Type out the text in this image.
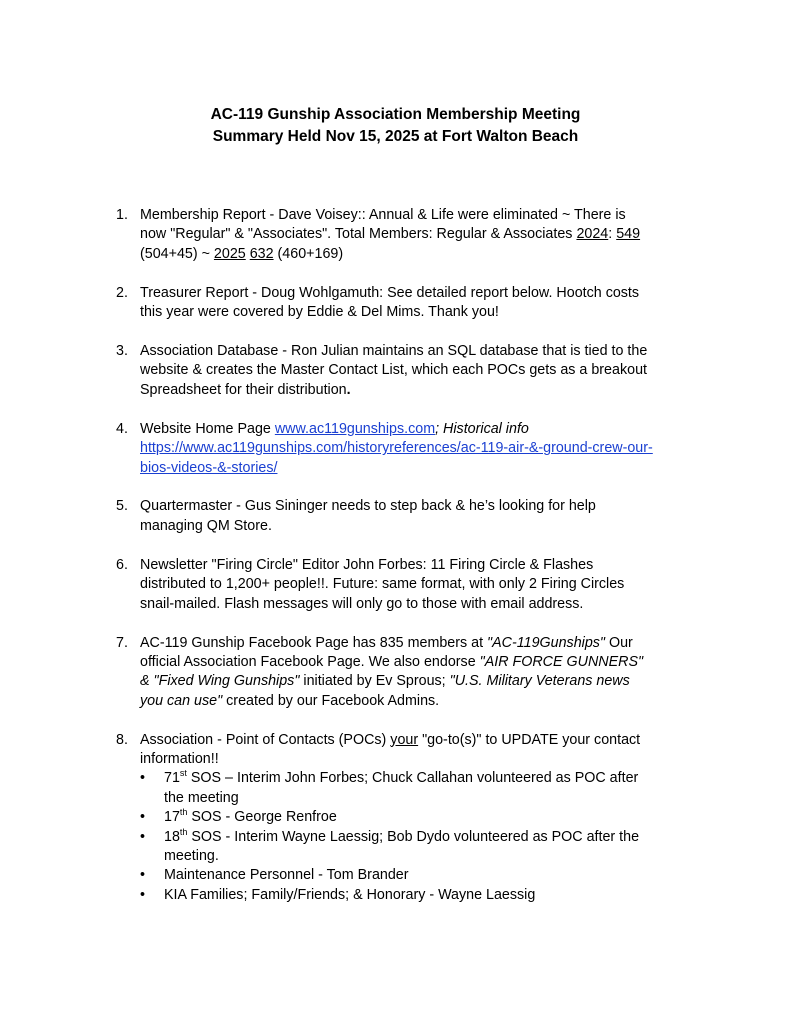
AC-119 Gunship Association Membership Meeting
Summary Held Nov 15, 2025 at Fort Walton Beach
1. Membership Report - Dave Voisey:: Annual & Life were eliminated ~ There is
now "Regular" & "Associates". Total Members: Regular & Associates 2024: 549
(504+45) ~ 2025 632 (460+169)
2. Treasurer Report - Doug Wohlgamuth: See detailed report below. Hootch costs
this year were covered by Eddie & Del Mims. Thank you!
3. Association Database - Ron Julian maintains an SQL database that is tied to the
website & creates the Master Contact List, which each POCs gets as a breakout
Spreadsheet for their distribution.
4. Website Home Page www.ac119gunships.com; Historical info
https://www.ac119gunships.com/historyreferences/ac-119-air-&-ground-crew-our-
bios-videos-&-stories/
5. Quartermaster - Gus Sininger needs to step back & he’s looking for help
managing QM Store.
6. Newsletter "Firing Circle" Editor John Forbes: 11 Firing Circle & Flashes
distributed to 1,200+ people!!. Future: same format, with only 2 Firing Circles
snail-mailed. Flash messages will only go to those with email address.
7. AC-119 Gunship Facebook Page has 835 members at "AC-119Gunships" Our
official Association Facebook Page. We also endorse "AIR FORCE GUNNERS"
& "Fixed Wing Gunships" initiated by Ev Sprous; "U.S. Military Veterans news
you can use" created by our Facebook Admins.
8. Association - Point of Contacts (POCs) your "go-to(s)" to UPDATE your contact
information!!
• 71st SOS – Interim John Forbes; Chuck Callahan volunteered as POC after
the meeting
• 17th SOS - George Renfroe
• 18th SOS - Interim Wayne Laessig; Bob Dydo volunteered as POC after the
meeting.
• Maintenance Personnel - Tom Brander
• KIA Families; Family/Friends; & Honorary - Wayne Laessig
